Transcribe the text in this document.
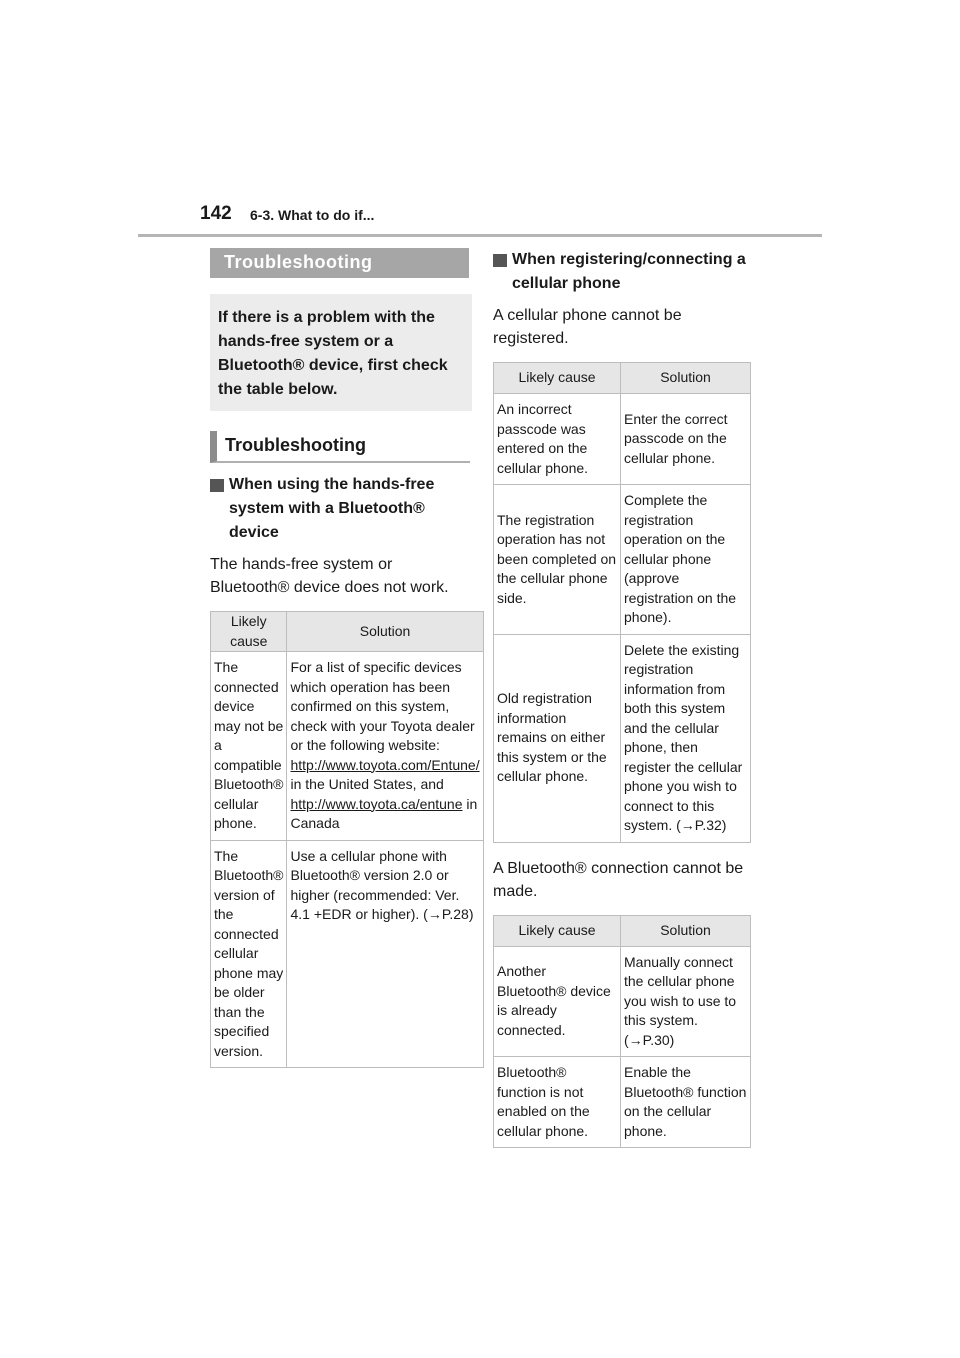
142 6-3. What to do if...
Troubleshooting
If there is a problem with the hands-free system or a Bluetooth® device, first check the table below.
Troubleshooting
When using the hands-free system with a Bluetooth® device
The hands-free system or Bluetooth® device does not work.
Likely cause	Solution
The connected device may not be a compatible Bluetooth® cellular phone.	For a list of specific devices which operation has been confirmed on this system, check with your Toyota dealer or the following website: http://www.toyota.com/Entune/ in the United States, and http://www.toyota.ca/entune in Canada
The Bluetooth® version of the connected cellular phone may be older than the specified version.	Use a cellular phone with Bluetooth® version 2.0 or higher (recommended: Ver. 4.1 +EDR or higher). (→P.28)
When registering/connecting a cellular phone
A cellular phone cannot be registered.
Likely cause	Solution
An incorrect passcode was entered on the cellular phone.	Enter the correct passcode on the cellular phone.
The registration operation has not been completed on the cellular phone side.	Complete the registration operation on the cellular phone (approve registration on the phone).
Old registration information remains on either this system or the cellular phone.	Delete the existing registration information from both this system and the cellular phone, then register the cellular phone you wish to connect to this system. (→P.32)
A Bluetooth® connection cannot be made.
Likely cause	Solution
Another Bluetooth® device is already connected.	Manually connect the cellular phone you wish to use to this system. (→P.30)
Bluetooth® function is not enabled on the cellular phone.	Enable the Bluetooth® function on the cellular phone.
